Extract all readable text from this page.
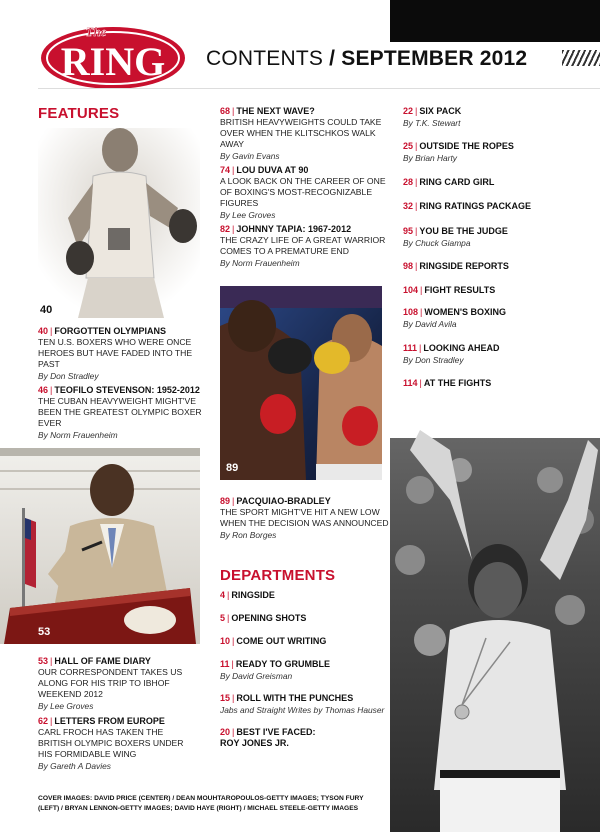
RING
The
CONTENTS / SEPTEMBER 2012
FEATURES
DEPARTMENTS
40
40 | FORGOTTEN OLYMPIANS
TEN U.S. BOXERS WHO WERE ONCE HEROES BUT HAVE FADED INTO THE PAST
By Don Stradley
46 | TEOFILO STEVENSON: 1952-2012
THE CUBAN HEAVYWEIGHT MIGHT'VE BEEN THE GREATEST OLYMPIC BOXER EVER
By Norm Frauenheim
53
53 | HALL OF FAME DIARY
OUR CORRESPONDENT TAKES US ALONG FOR HIS TRIP TO IBHOF WEEKEND 2012
By Lee Groves
62 | LETTERS FROM EUROPE
CARL FROCH HAS TAKEN THE BRITISH OLYMPIC BOXERS UNDER HIS FORMIDABLE WING
By Gareth A Davies
68 | THE NEXT WAVE?
BRITISH HEAVYWEIGHTS COULD TAKE OVER WHEN THE KLITSCHKOS WALK AWAY
By Gavin Evans
74 | LOU DUVA AT 90
A LOOK BACK ON THE CAREER OF ONE OF BOXING'S MOST-RECOGNIZABLE FIGURES
By Lee Groves
82 | JOHNNY TAPIA: 1967-2012
THE CRAZY LIFE OF A GREAT WARRIOR COMES TO A PREMATURE END
By Norm Frauenheim
89
89 | PACQUIAO-BRADLEY
THE SPORT MIGHT'VE HIT A NEW LOW WHEN THE DECISION WAS ANNOUNCED
By Ron Borges
4 | RINGSIDE
5 | OPENING SHOTS
10 | COME OUT WRITING
11 | READY TO GRUMBLE
By David Greisman
15 | ROLL WITH THE PUNCHES
Jabs and Straight Writes by Thomas Hauser
20 | BEST I'VE FACED:
ROY JONES JR.
22 | SIX PACK
By T.K. Stewart
25 | OUTSIDE THE ROPES
By Brian Harty
28 | RING CARD GIRL
32 | RING RATINGS PACKAGE
95 | YOU BE THE JUDGE
By Chuck Giampa
98 | RINGSIDE REPORTS
104 | FIGHT RESULTS
108 | WOMEN'S BOXING
By David Avila
111 | LOOKING AHEAD
By Don Stradley
114 | AT THE FIGHTS
46
COVER IMAGES: DAVID PRICE (CENTER) / DEAN MOUHTAROPOULOS-GETTY IMAGES; TYSON FURY (LEFT) / BRYAN LENNON-GETTY IMAGES; DAVID HAYE (RIGHT) / MICHAEL STEELE-GETTY IMAGES
